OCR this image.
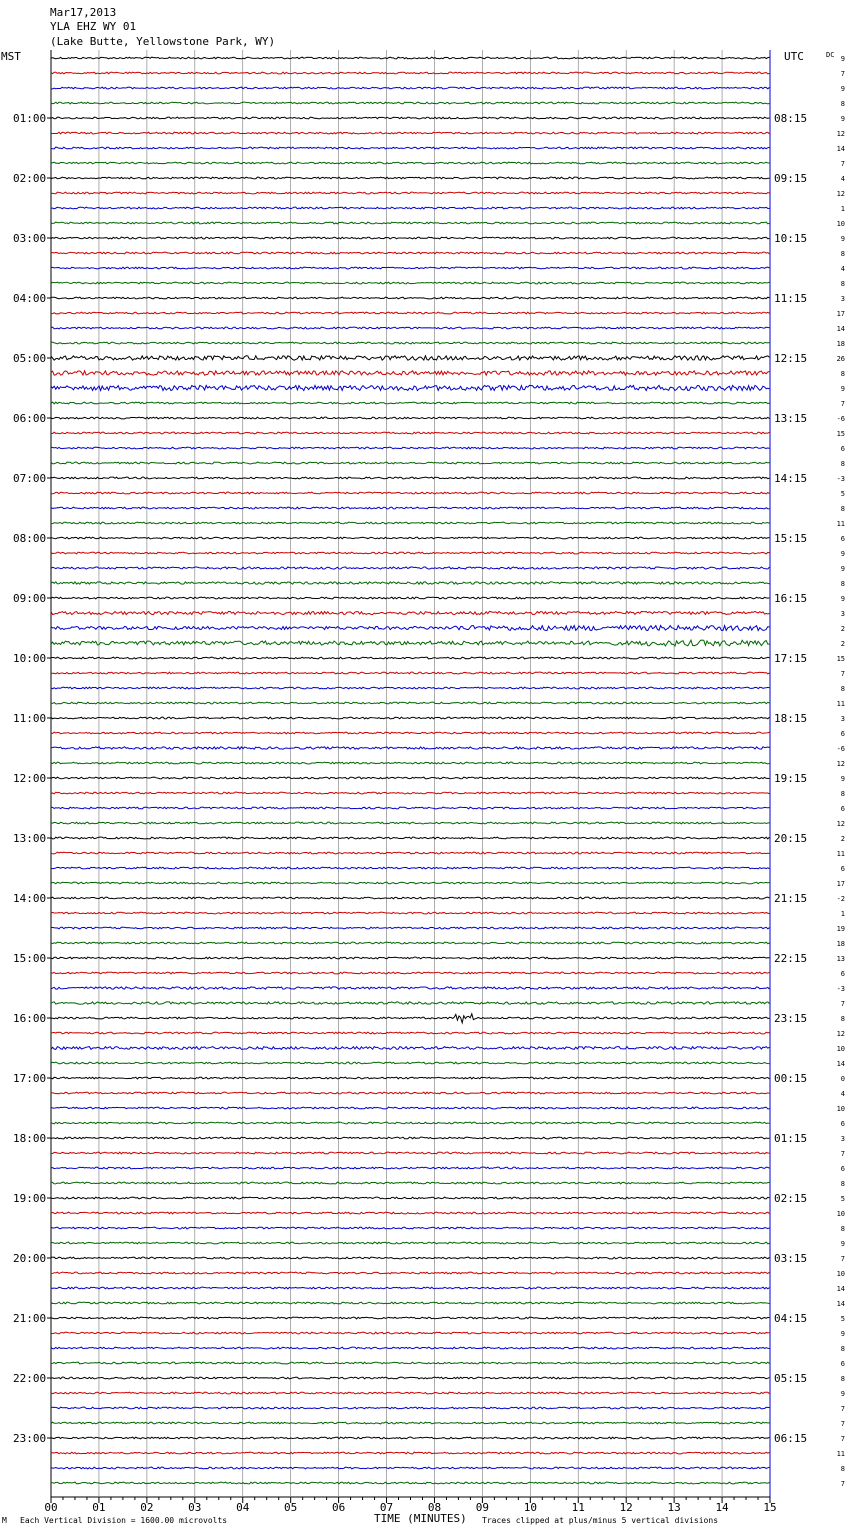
Mar17,2013
YLA EHZ WY 01
(Lake Butte, Yellowstone Park, WY)
MST	UTC	DC
01:00	08:15
02:00	09:15
03:00	10:15
04:00	11:15
05:00	12:15
06:00	13:15
07:00	14:15
08:00	15:15
09:00	16:15
10:00	17:15
11:00	18:15
12:00	19:15
13:00	20:15
14:00	21:15
15:00	22:15
16:00	23:15
17:00	00:15
18:00	01:15
19:00	02:15
20:00	03:15
21:00	04:15
22:00	05:15
23:00	06:15
9
7
9
8
9
12
14
7
4
12
1
10
9
8
4
8
3
17
14
18
26
8
9
7
-6
15
6
8
-3
5
8
11
6
9
9
8
9
3
2
2
15
7
8
11
3
6
-6
12
9
8
6
12
2
11
6
17
-2
1
19
18
13
6
-3
7
8
12
10
14
0
4
10
6
3
7
6
8
5
10
8
9
7
10
14
14
5
9
8
6
8
9
7
7
7
11
8
7
00	01	02	03	04	05	06	07	08	09	10	11	12	13	14	15
M Each Vertical Division = 1600.00 microvolts	TIME (MINUTES) Traces clipped at plus/minus 5 vertical divisions
